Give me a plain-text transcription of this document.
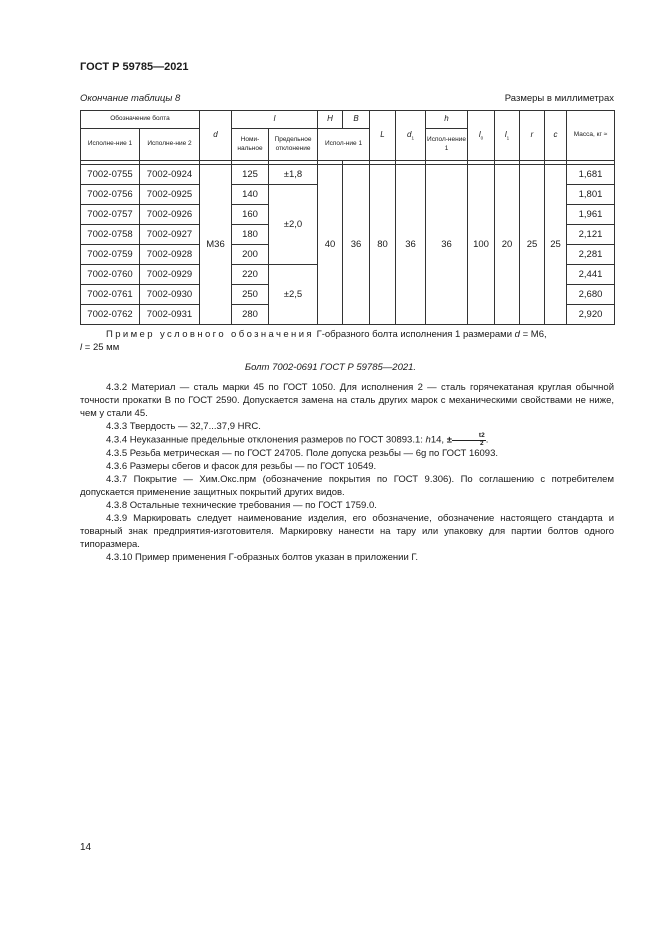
ГОСТ Р 59785—2021
Окончание таблицы 8	Размеры в миллиметрах
Обозначение болта		d	l		H	B	L	$d_1$	h	$l_0$	$l_1$	r	c	Масса, кг ≈
Исполне-ние 1	Исполне-ние 2		Номи-нальное	Предельное отклонение	Испол-ние 1				Испол-нение 1					

7002-0755	7002-0924	M36	125	±1,8	40	36	80	36	36	100	20	25	25	1,681
7002-0756	7002-0925		140	±2,0										1,801
7002-0757	7002-0926		160											1,961
7002-0758	7002-0927		180											2,121
7002-0759	7002-0928		200											2,281
7002-0760	7002-0929		220	±2,5										2,441
7002-0761	7002-0930		250											2,680
7002-0762	7002-0931		280											2,920
Пример условного обозначения Г-образного болта исполнения 1 размерами d = М6,
l = 25 мм
Болт 7002-0691 ГОСТ Р 59785—2021.

4.3.2 Материал — сталь марки 45 по ГОСТ 1050. Для исполнения 2 — сталь горячекатаная круглая обычной точности прокатки В по ГОСТ 2590. Допускается замена на сталь других марок с механическими свойствами не ниже, чем у стали 45.

4.3.3 Твердость — 32,7...37,9 HRC.

4.3.4 Неуказанные предельные отклонения размеров по ГОСТ 30893.1: h14, ± $\frac{t2}{2}$ .

4.3.5 Резьба метрическая — по ГОСТ 24705. Поле допуска резьбы — 6g по ГОСТ 16093.

4.3.6 Размеры сбегов и фасок для резьбы — по ГОСТ 10549.

4.3.7 Покрытие — Хим.Окс.прм (обозначение покрытия по ГОСТ 9.306). По соглашению с потребителем допускается применение защитных покрытий других видов.

4.3.8 Остальные технические требования — по ГОСТ 1759.0.

4.3.9 Маркировать следует наименование изделия, его обозначение, обозначение настоящего стандарта и товарный знак предприятия-изготовителя. Маркировку нанести на тару или упаковку для партии болтов одного типоразмера.

4.3.10 Пример применения Г-образных болтов указан в приложении Г.

14
